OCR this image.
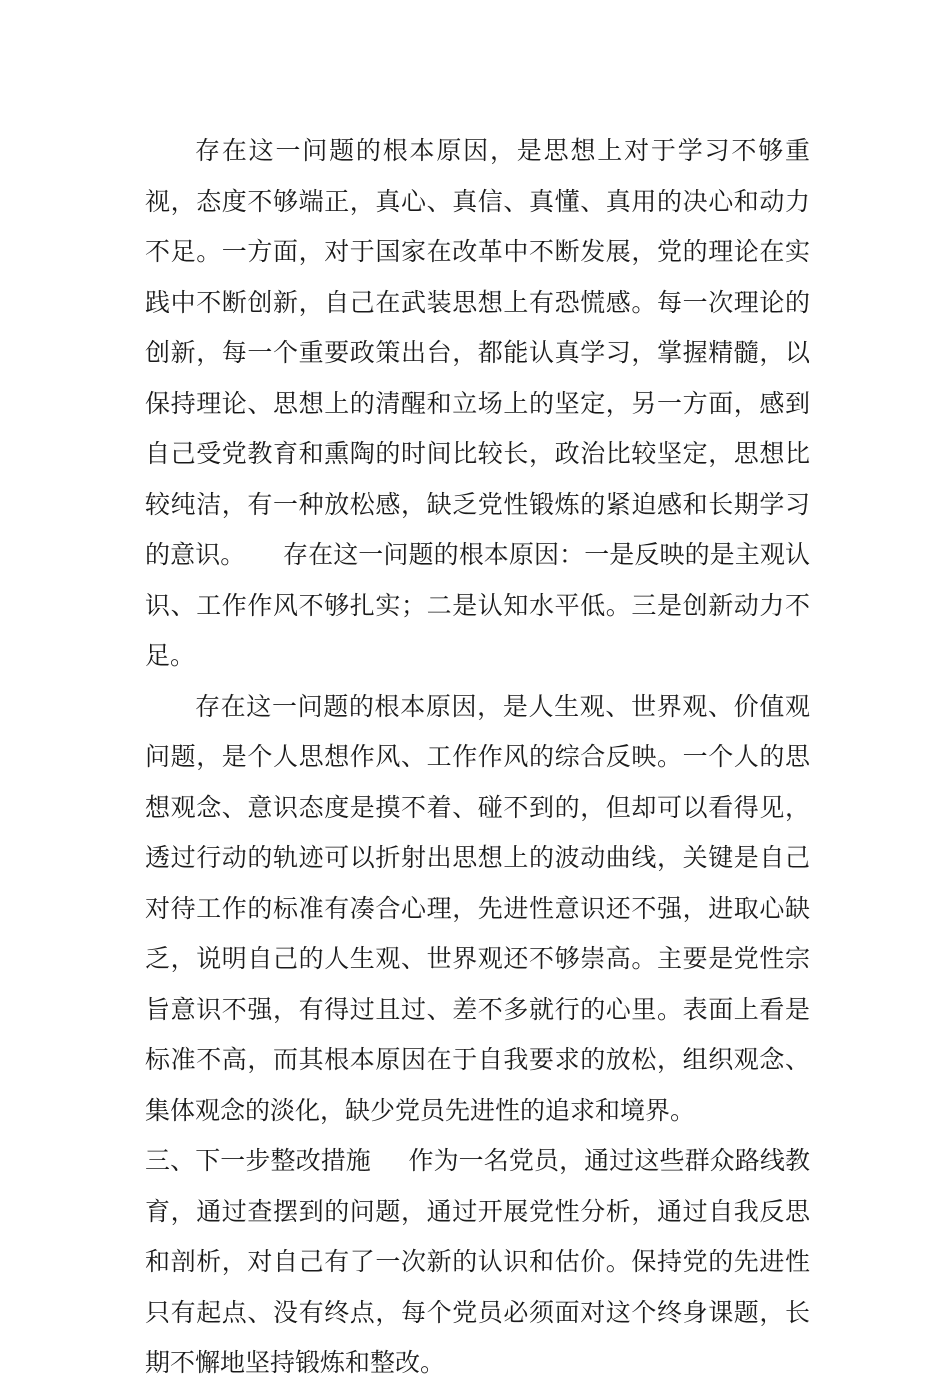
存在这一问题的根本原因，是思想上对于学习不够重视，态度不够端正，真心、真信、真懂、真用的决心和动力不足。一方面，对于国家在改革中不断发展，党的理论在实践中不断创新，自己在武装思想上有恐慌感。每一次理论的创新，每一个重要政策出台，都能认真学习，掌握精髓，以保持理论、思想上的清醒和立场上的坚定，另一方面，感到自己受党教育和熏陶的时间比较长，政治比较坚定，思想比较纯洁，有一种放松感，缺乏党性锻炼的紧迫感和长期学习的意识。 存在这一问题的根本原因：一是反映的是主观认识、工作作风不够扎实；二是认知水平低。三是创新动力不足。

存在这一问题的根本原因，是人生观、世界观、价值观问题，是个人思想作风、工作作风的综合反映。一个人的思想观念、意识态度是摸不着、碰不到的，但却可以看得见，透过行动的轨迹可以折射出思想上的波动曲线，关键是自己对待工作的标准有凑合心理，先进性意识还不强，进取心缺乏，说明自己的人生观、世界观还不够崇高。主要是党性宗旨意识不强，有得过且过、差不多就行的心里。表面上看是标准不高，而其根本原因在于自我要求的放松，组织观念、集体观念的淡化，缺少党员先进性的追求和境界。

三、下一步整改措施 作为一名党员，通过这些群众路线教育，通过查摆到的问题，通过开展党性分析，通过自我反思和剖析，对自己有了一次新的认识和估价。保持党的先进性只有起点、没有终点，每个党员必须面对这个终身课题，长期不懈地坚持锻炼和整改。
